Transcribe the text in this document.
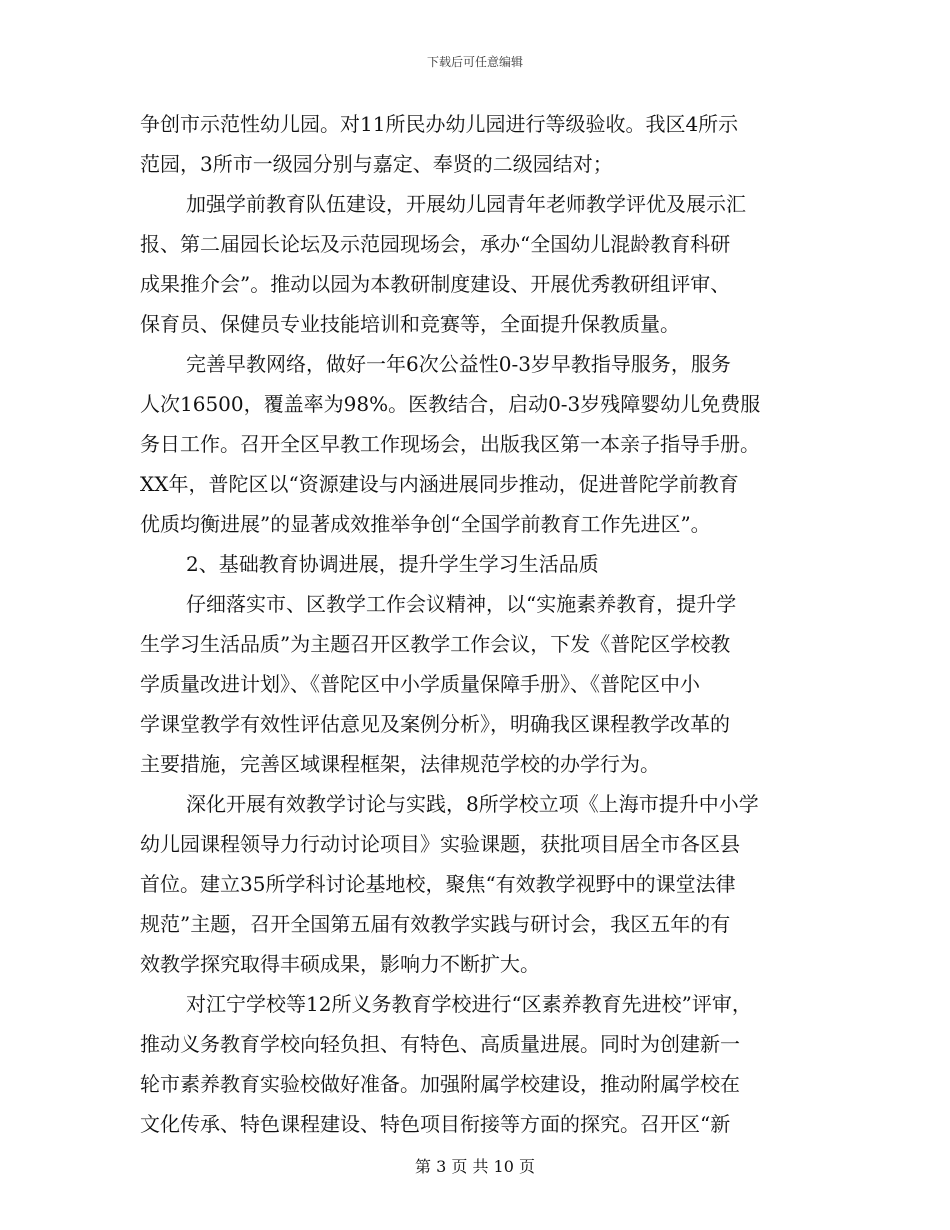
下载后可任意编辑
争创市示范性幼儿园。对11所民办幼儿园进行等级验收。我区4所示
范园，3所市一级园分别与嘉定、奉贤的二级园结对；
加强学前教育队伍建设，开展幼儿园青年老师教学评优及展示汇
报、第二届园长论坛及示范园现场会，承办“全国幼儿混龄教育科研
成果推介会”。推动以园为本教研制度建设、开展优秀教研组评审、
保育员、保健员专业技能培训和竞赛等，全面提升保教质量。
完善早教网络，做好一年6次公益性0-3岁早教指导服务，服务
人次16500，覆盖率为98%。医教结合，启动0-3岁残障婴幼儿免费服
务日工作。召开全区早教工作现场会，出版我区第一本亲子指导手册。
XX年，普陀区以“资源建设与内涵进展同步推动，促进普陀学前教育
优质均衡进展”的显著成效推举争创“全国学前教育工作先进区”。
2、基础教育协调进展，提升学生学习生活品质
仔细落实市、区教学工作会议精神，以“实施素养教育，提升学
生学习生活品质”为主题召开区教学工作会议，下发《普陀区学校教
学质量改进计划》、《普陀区中小学质量保障手册》、《普陀区中小
学课堂教学有效性评估意见及案例分析》，明确我区课程教学改革的
主要措施，完善区域课程框架，法律规范学校的办学行为。
深化开展有效教学讨论与实践，8所学校立项《上海市提升中小学
幼儿园课程领导力行动讨论项目》实验课题，获批项目居全市各区县
首位。建立35所学科讨论基地校，聚焦“有效教学视野中的课堂法律
规范”主题，召开全国第五届有效教学实践与研讨会，我区五年的有
效教学探究取得丰硕成果，影响力不断扩大。
对江宁学校等12所义务教育学校进行“区素养教育先进校”评审，
推动义务教育学校向轻负担、有特色、高质量进展。同时为创建新一
轮市素养教育实验校做好准备。加强附属学校建设，推动附属学校在
文化传承、特色课程建设、特色项目衔接等方面的探究。召开区“新
第 3 页 共 10 页
